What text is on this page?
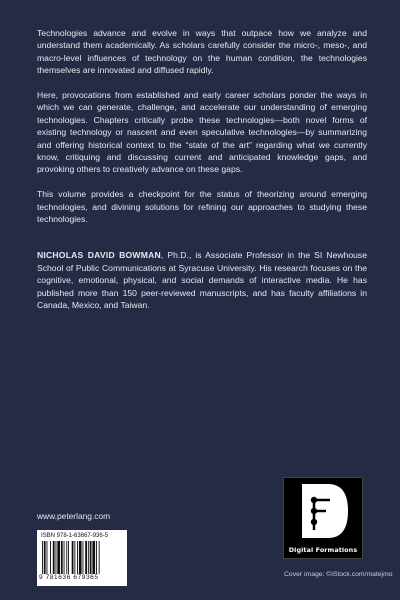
Technologies advance and evolve in ways that outpace how we analyze and understand them academically. As scholars carefully consider the micro-, meso-, and macro-level influences of technology on the human condition, the technologies themselves are innovated and diffused rapidly.

Here, provocations from established and early career scholars ponder the ways in which we can generate, challenge, and accelerate our understanding of emerging technologies. Chapters critically probe these technologies—both novel forms of existing technology or nascent and even speculative technologies—by summarizing and offering historical context to the “state of the art” regarding what we currently know, critiquing and discussing current and anticipated knowledge gaps, and provoking others to creatively advance on these gaps.

This volume provides a checkpoint for the status of theorizing around emerging technologies, and divining solutions for refining our approaches to studying these technologies.

NICHOLAS DAVID BOWMAN, Ph.D., is Associate Professor in the SI Newhouse School of Public Communications at Syracuse University. His research focuses on the cognitive, emotional, physical, and social demands of interactive media. He has published more than 150 peer-reviewed manuscripts, and has faculty affiliations in Canada, Mexico, and Taiwan.

Digital Formations
www.peterlang.com
ISBN 978-1-63667-936-5
9 781636 679365	Cover image: ©iStock.com/matejmo
